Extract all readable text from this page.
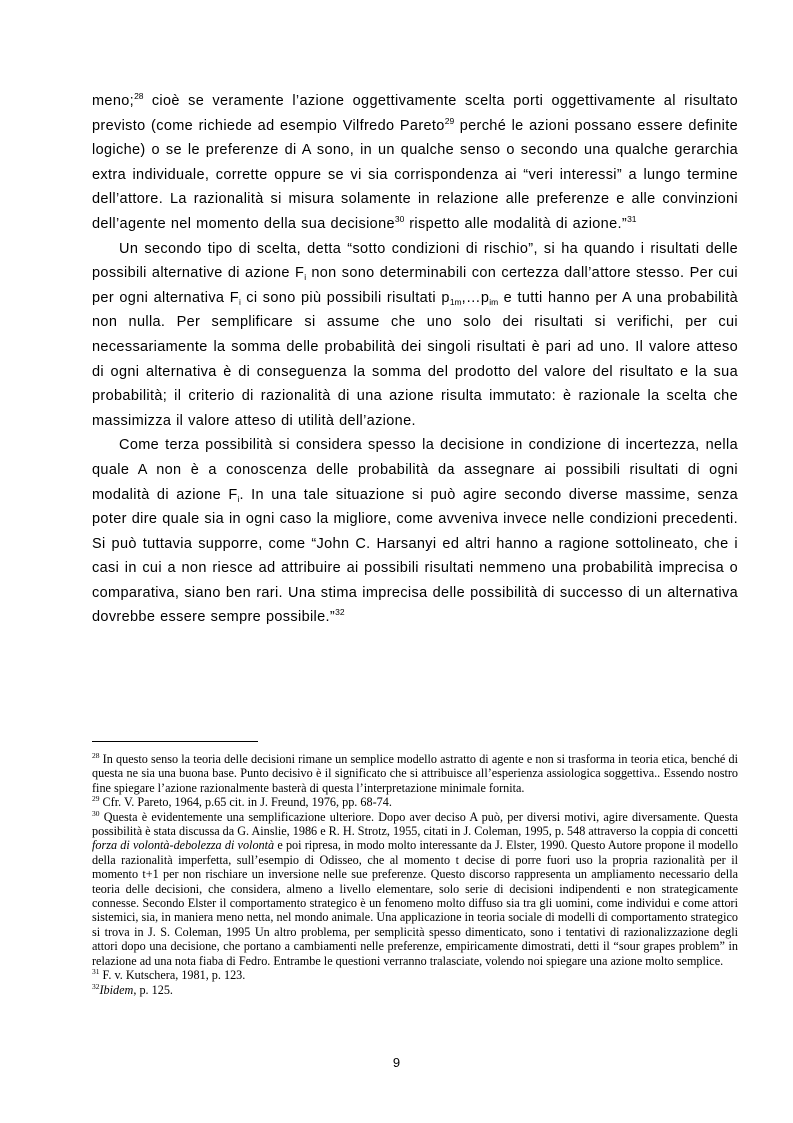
meno;$^{28}$ cioè se veramente l’azione oggettivamente scelta porti oggettivamente al risultato previsto (come richiede ad esempio Vilfredo Pareto$^{29}$ perché le azioni possano essere definite logiche) o se le preferenze di A sono, in un qualche senso o secondo una qualche gerarchia extra individuale, corrette oppure se vi sia corrispondenza ai “veri interessi” a lungo termine dell’attore. La razionalità si misura solamente in relazione alle preferenze e alle convinzioni dell’agente nel momento della sua decisione$^{30}$ rispetto alle modalità di azione.”$^{31}$

Un secondo tipo di scelta, detta “sotto condizioni di rischio”, si ha quando i risultati delle possibili alternative di azione $F_i$ non sono determinabili con certezza dall’attore stesso. Per cui per ogni alternativa $F_i$ ci sono più possibili risultati $p_{1m},\dots p_{im}$ e tutti hanno per A una probabilità non nulla. Per semplificare si assume che uno solo dei risultati si verifichi, per cui necessariamente la somma delle probabilità dei singoli risultati è pari ad uno. Il valore atteso di ogni alternativa è di conseguenza la somma del prodotto del valore del risultato e la sua probabilità; il criterio di razionalità di una azione risulta immutato: è razionale la scelta che massimizza il valore atteso di utilità dell’azione.

Come terza possibilità si considera spesso la decisione in condizione di incertezza, nella quale A non è a conoscenza delle probabilità da assegnare ai possibili risultati di ogni modalità di azione $F_i$. In una tale situazione si può agire secondo diverse massime, senza poter dire quale sia in ogni caso la migliore, come avveniva invece nelle condizioni precedenti. Si può tuttavia supporre, come “John C. Harsanyi ed altri hanno a ragione sottolineato, che i casi in cui a non riesce ad attribuire ai possibili risultati nemmeno una probabilità imprecisa o comparativa, siano ben rari. Una stima imprecisa delle possibilità di successo di un alternativa dovrebbe essere sempre possibile.”$^{32}$

$^{28}$ In questo senso la teoria delle decisioni rimane un semplice modello astratto di agente e non si trasforma in teoria etica, benché di questa ne sia una buona base. Punto decisivo è il significato che si attribuisce all’esperienza assiologica soggettiva.. Essendo nostro fine spiegare l’azione razionalmente basterà di questa l’interpretazione minimale fornita.

$^{29}$ Cfr. V. Pareto, 1964, p.65 cit. in J. Freund, 1976, pp. 68-74.

$^{30}$ Questa è evidentemente una semplificazione ulteriore. Dopo aver deciso A può, per diversi motivi, agire diversamente. Questa possibilità è stata discussa da G. Ainslie, 1986 e R. H. Strotz, 1955, citati in J. Coleman, 1995, p. 548 attraverso la coppia di concetti forza di volontà-debolezza di volontà e poi ripresa, in modo molto interessante da J. Elster, 1990. Questo Autore propone il modello della razionalità imperfetta, sull’esempio di Odisseo, che al momento t decise di porre fuori uso la propria razionalità per il momento t+1 per non rischiare un inversione nelle sue preferenze. Questo discorso rappresenta un ampliamento necessario della teoria delle decisioni, che considera, almeno a livello elementare, solo serie di decisioni indipendenti e non strategicamente connesse. Secondo Elster il comportamento strategico è un fenomeno molto diffuso sia tra gli uomini, come individui e come attori sistemici, sia, in maniera meno netta, nel mondo animale. Una applicazione in teoria sociale di modelli di comportamento strategico si trova in J. S. Coleman, 1995 Un altro problema, per semplicità spesso dimenticato, sono i tentativi di razionalizzazione degli attori dopo una decisione, che portano a cambiamenti nelle preferenze, empiricamente dimostrati, detti il “sour grapes problem” in relazione ad una nota fiaba di Fedro. Entrambe le questioni verranno tralasciate, volendo noi spiegare una azione molto semplice.

$^{31}$ F. v. Kutschera, 1981, p. 123.

$^{32}$Ibidem, p. 125.

9
